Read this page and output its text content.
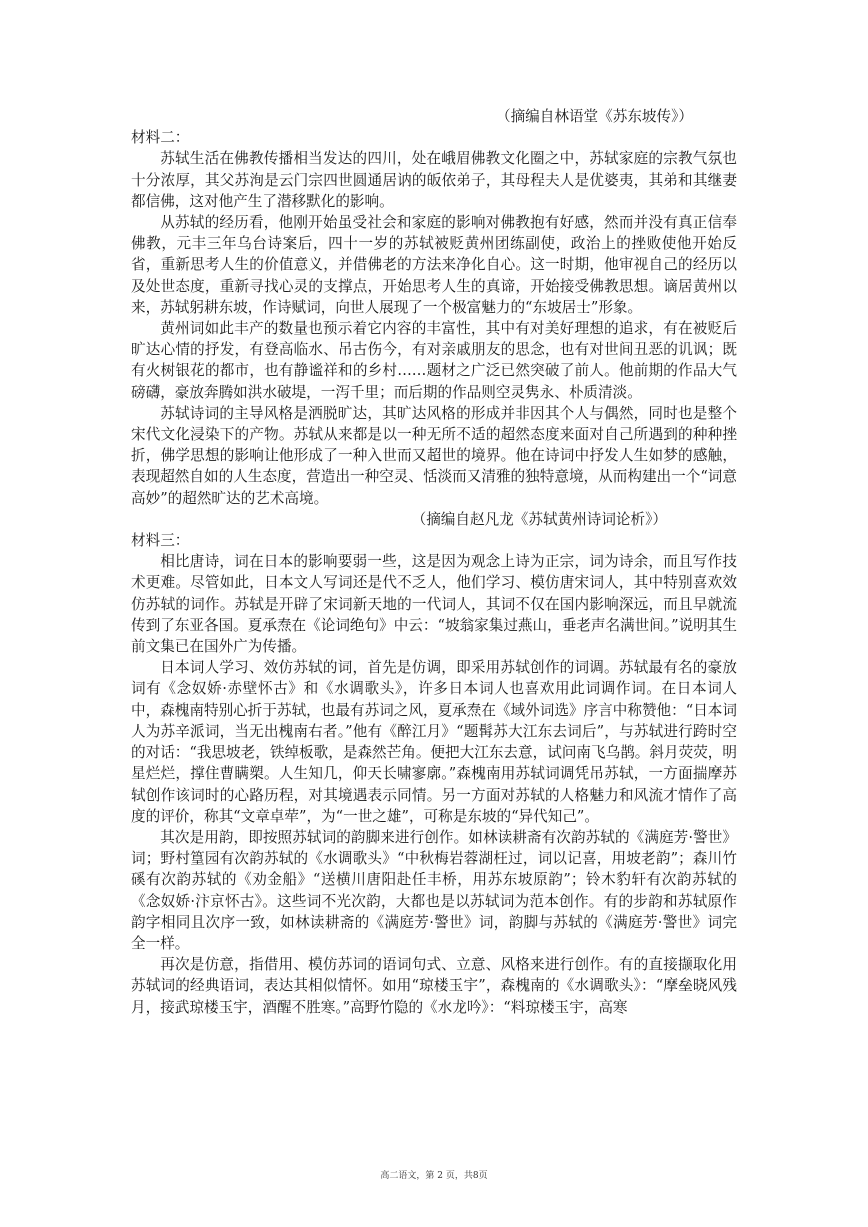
（摘编自林语堂《苏东坡传》）
材料二：

苏轼生活在佛教传播相当发达的四川，处在峨眉佛教文化圈之中，苏轼家庭的宗教气氛也十分浓厚，其父苏洵是云门宗四世圆通居讷的皈依弟子，其母程夫人是优婆夷，其弟和其继妻都信佛，这对他产生了潜移默化的影响。

从苏轼的经历看，他刚开始虽受社会和家庭的影响对佛教抱有好感，然而并没有真正信奉佛教，元丰三年乌台诗案后，四十一岁的苏轼被贬黄州团练副使，政治上的挫败使他开始反省，重新思考人生的价值意义，并借佛老的方法来净化自心。这一时期，他审视自己的经历以及处世态度，重新寻找心灵的支撑点，开始思考人生的真谛，开始接受佛教思想。谪居黄州以来，苏轼躬耕东坡，作诗赋词，向世人展现了一个极富魅力的“东坡居士”形象。

黄州词如此丰产的数量也预示着它内容的丰富性，其中有对美好理想的追求，有在被贬后旷达心情的抒发，有登高临水、吊古伤今，有对亲戚朋友的思念，也有对世间丑恶的讥讽；既有火树银花的都市，也有静谧祥和的乡村……题材之广泛已然突破了前人。他前期的作品大气磅礴，豪放奔腾如洪水破堤，一泻千里；而后期的作品则空灵隽永、朴质清淡。

苏轼诗词的主导风格是洒脱旷达，其旷达风格的形成并非因其个人与偶然，同时也是整个宋代文化浸染下的产物。苏轼从来都是以一种无所不适的超然态度来面对自己所遇到的种种挫折，佛学思想的影响让他形成了一种入世而又超世的境界。他在诗词中抒发人生如梦的感触，表现超然自如的人生态度，营造出一种空灵、恬淡而又清雅的独特意境，从而构建出一个“词意高妙”的超然旷达的艺术高境。

（摘编自赵凡龙《苏轼黄州诗词论析》）
材料三：

相比唐诗，词在日本的影响要弱一些，这是因为观念上诗为正宗，词为诗余，而且写作技术更难。尽管如此，日本文人写词还是代不乏人，他们学习、模仿唐宋词人，其中特别喜欢效仿苏轼的词作。苏轼是开辟了宋词新天地的一代词人，其词不仅在国内影响深远，而且早就流传到了东亚各国。夏承焘在《论词绝句》中云：“坡翁家集过燕山，垂老声名满世间。”说明其生前文集已在国外广为传播。

日本词人学习、效仿苏轼的词，首先是仿调，即采用苏轼创作的词调。苏轼最有名的豪放词有《念奴娇·赤壁怀古》和《水调歌头》，许多日本词人也喜欢用此词调作词。在日本词人中，森槐南特别心折于苏轼，也最有苏词之风，夏承焘在《域外词选》序言中称赞他：“日本词人为苏辛派词，当无出槐南右者。”他有《醉江月》“题髯苏大江东去词后”，与苏轼进行跨时空的对话：“我思坡老，铁绰板歌，是森然芒角。便把大江东去意，试问南飞乌鹊。斜月荧荧，明星烂烂，撑住曹瞒槊。人生知几，仰天长啸寥廓。”森槐南用苏轼词调凭吊苏轼，一方面揣摩苏轼创作该词时的心路历程，对其境遇表示同情。另一方面对苏轼的人格魅力和风流才情作了高度的评价，称其“文章卓荦”，为“一世之雄”，可称是东坡的“异代知己”。

其次是用韵，即按照苏轼词的韵脚来进行创作。如林读耕斋有次韵苏轼的《满庭芳·警世》词；野村篁园有次韵苏轼的《水调歌头》“中秋梅岩蓉湖枉过，词以记喜，用坡老韵”；森川竹磎有次韵苏轼的《劝金船》“送横川唐阳赴任丰桥，用苏东坡原韵”；铃木豹轩有次韵苏轼的《念奴娇·汴京怀古》。这些词不光次韵，大都也是以苏轼词为范本创作。有的步韵和苏轼原作韵字相同且次序一致，如林读耕斋的《满庭芳·警世》词，韵脚与苏轼的《满庭芳·警世》词完全一样。

再次是仿意，指借用、模仿苏词的语词句式、立意、风格来进行创作。有的直接撷取化用苏轼词的经典语词，表达其相似情怀。如用“琼楼玉宇”，森槐南的《水调歌头》：“摩垒晓风残月，接武琼楼玉宇，酒醒不胜寒。”高野竹隐的《水龙吟》：“料琼楼玉宇，高寒

高二语文，第 2 页，共8页
